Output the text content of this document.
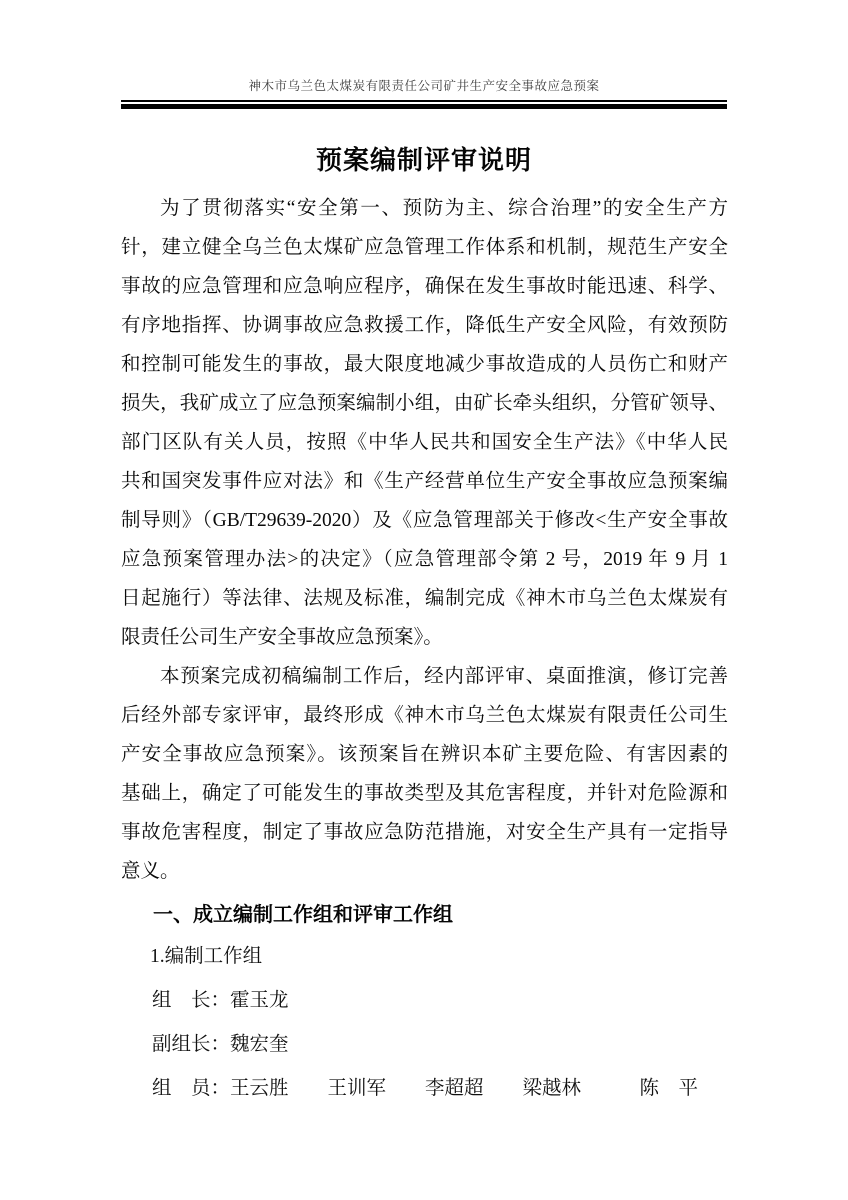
神木市乌兰色太煤炭有限责任公司矿井生产安全事故应急预案
预案编制评审说明
为了贯彻落实“安全第一、预防为主、综合治理”的安全生产方
针，建立健全乌兰色太煤矿应急管理工作体系和机制，规范生产安全
事故的应急管理和应急响应程序，确保在发生事故时能迅速、科学、
有序地指挥、协调事故应急救援工作，降低生产安全风险，有效预防
和控制可能发生的事故，最大限度地减少事故造成的人员伤亡和财产
损失，我矿成立了应急预案编制小组，由矿长牵头组织，分管矿领导、
部门区队有关人员，按照《中华人民共和国安全生产法》《中华人民
共和国突发事件应对法》和《生产经营单位生产安全事故应急预案编
制导则》（GB/T29639-2020）及《应急管理部关于修改<生产安全事故
应急预案管理办法>的决定》（应急管理部令第 2 号，2019 年 9 月 1
日起施行）等法律、法规及标准，编制完成《神木市乌兰色太煤炭有
限责任公司生产安全事故应急预案》。
本预案完成初稿编制工作后，经内部评审、桌面推演，修订完善
后经外部专家评审，最终形成《神木市乌兰色太煤炭有限责任公司生
产安全事故应急预案》。该预案旨在辨识本矿主要危险、有害因素的
基础上，确定了可能发生的事故类型及其危害程度，并针对危险源和
事故危害程度，制定了事故应急防范措施，对安全生产具有一定指导
意义。
一、成立编制工作组和评审工作组
1.编制工作组
组　长：霍玉龙
副组长：魏宏奎
组　员：王云胜　　王训军　　李超超　　梁越林　　　陈　平
